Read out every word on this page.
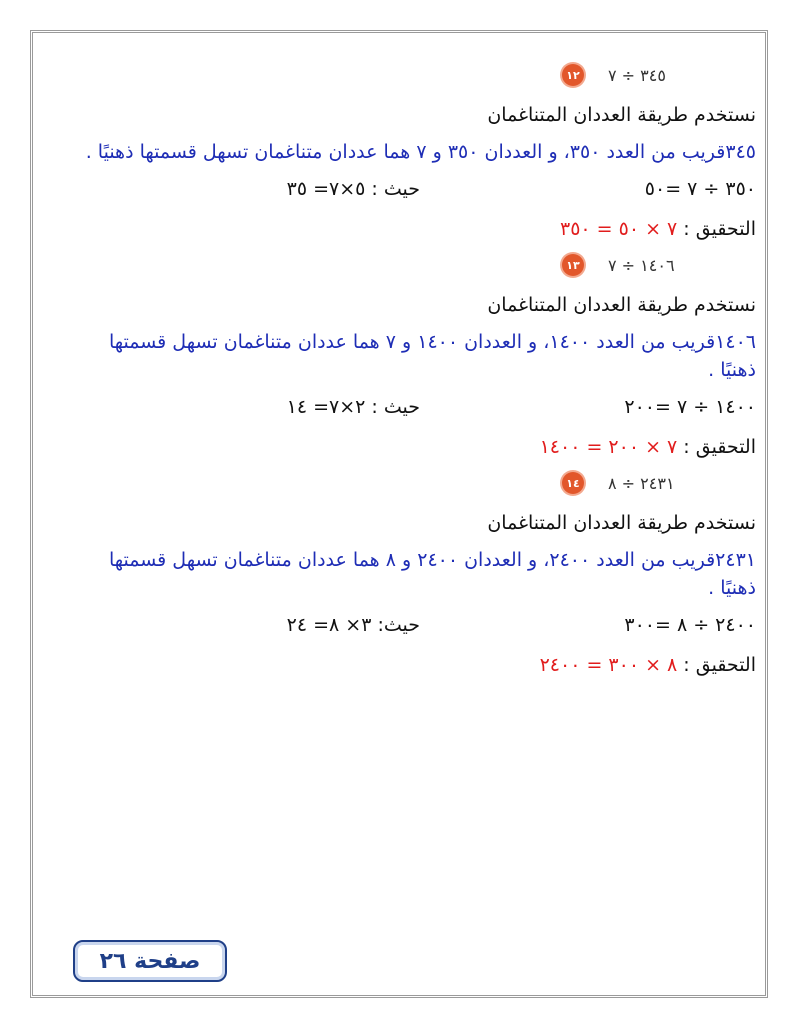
١٢ ٣٤٥ ÷ ٧
نستخدم طريقة العددان المتناغمان
٣٤٥قريب من العدد ٣٥٠، و العددان ٣٥٠ و ٧ هما عددان متناغمان تسهل قسمتها ذهنيًا .
٣٥٠ ÷ ٧ =٥٠
حيث : ٥×٧= ٣٥
التحقيق : ٧ × ٥٠ = ٣٥٠
١٣ ١٤٠٦ ÷ ٧
نستخدم طريقة العددان المتناغمان
١٤٠٦قريب من العدد ١٤٠٠، و العددان ١٤٠٠ و ٧ هما عددان متناغمان تسهل قسمتها ذهنيًا .
١٤٠٠ ÷ ٧ =٢٠٠
حيث : ٢×٧= ١٤
التحقيق : ٧ × ٢٠٠ = ١٤٠٠
١٤ ٢٤٣١ ÷ ٨
نستخدم طريقة العددان المتناغمان
٢٤٣١قريب من العدد ٢٤٠٠، و العددان ٢٤٠٠ و ٨ هما عددان متناغمان تسهل قسمتها ذهنيًا .
٢٤٠٠ ÷ ٨ =٣٠٠
حيث: ٣× ٨= ٢٤
التحقيق : ٨ × ٣٠٠ = ٢٤٠٠
صفحة ٢٦
